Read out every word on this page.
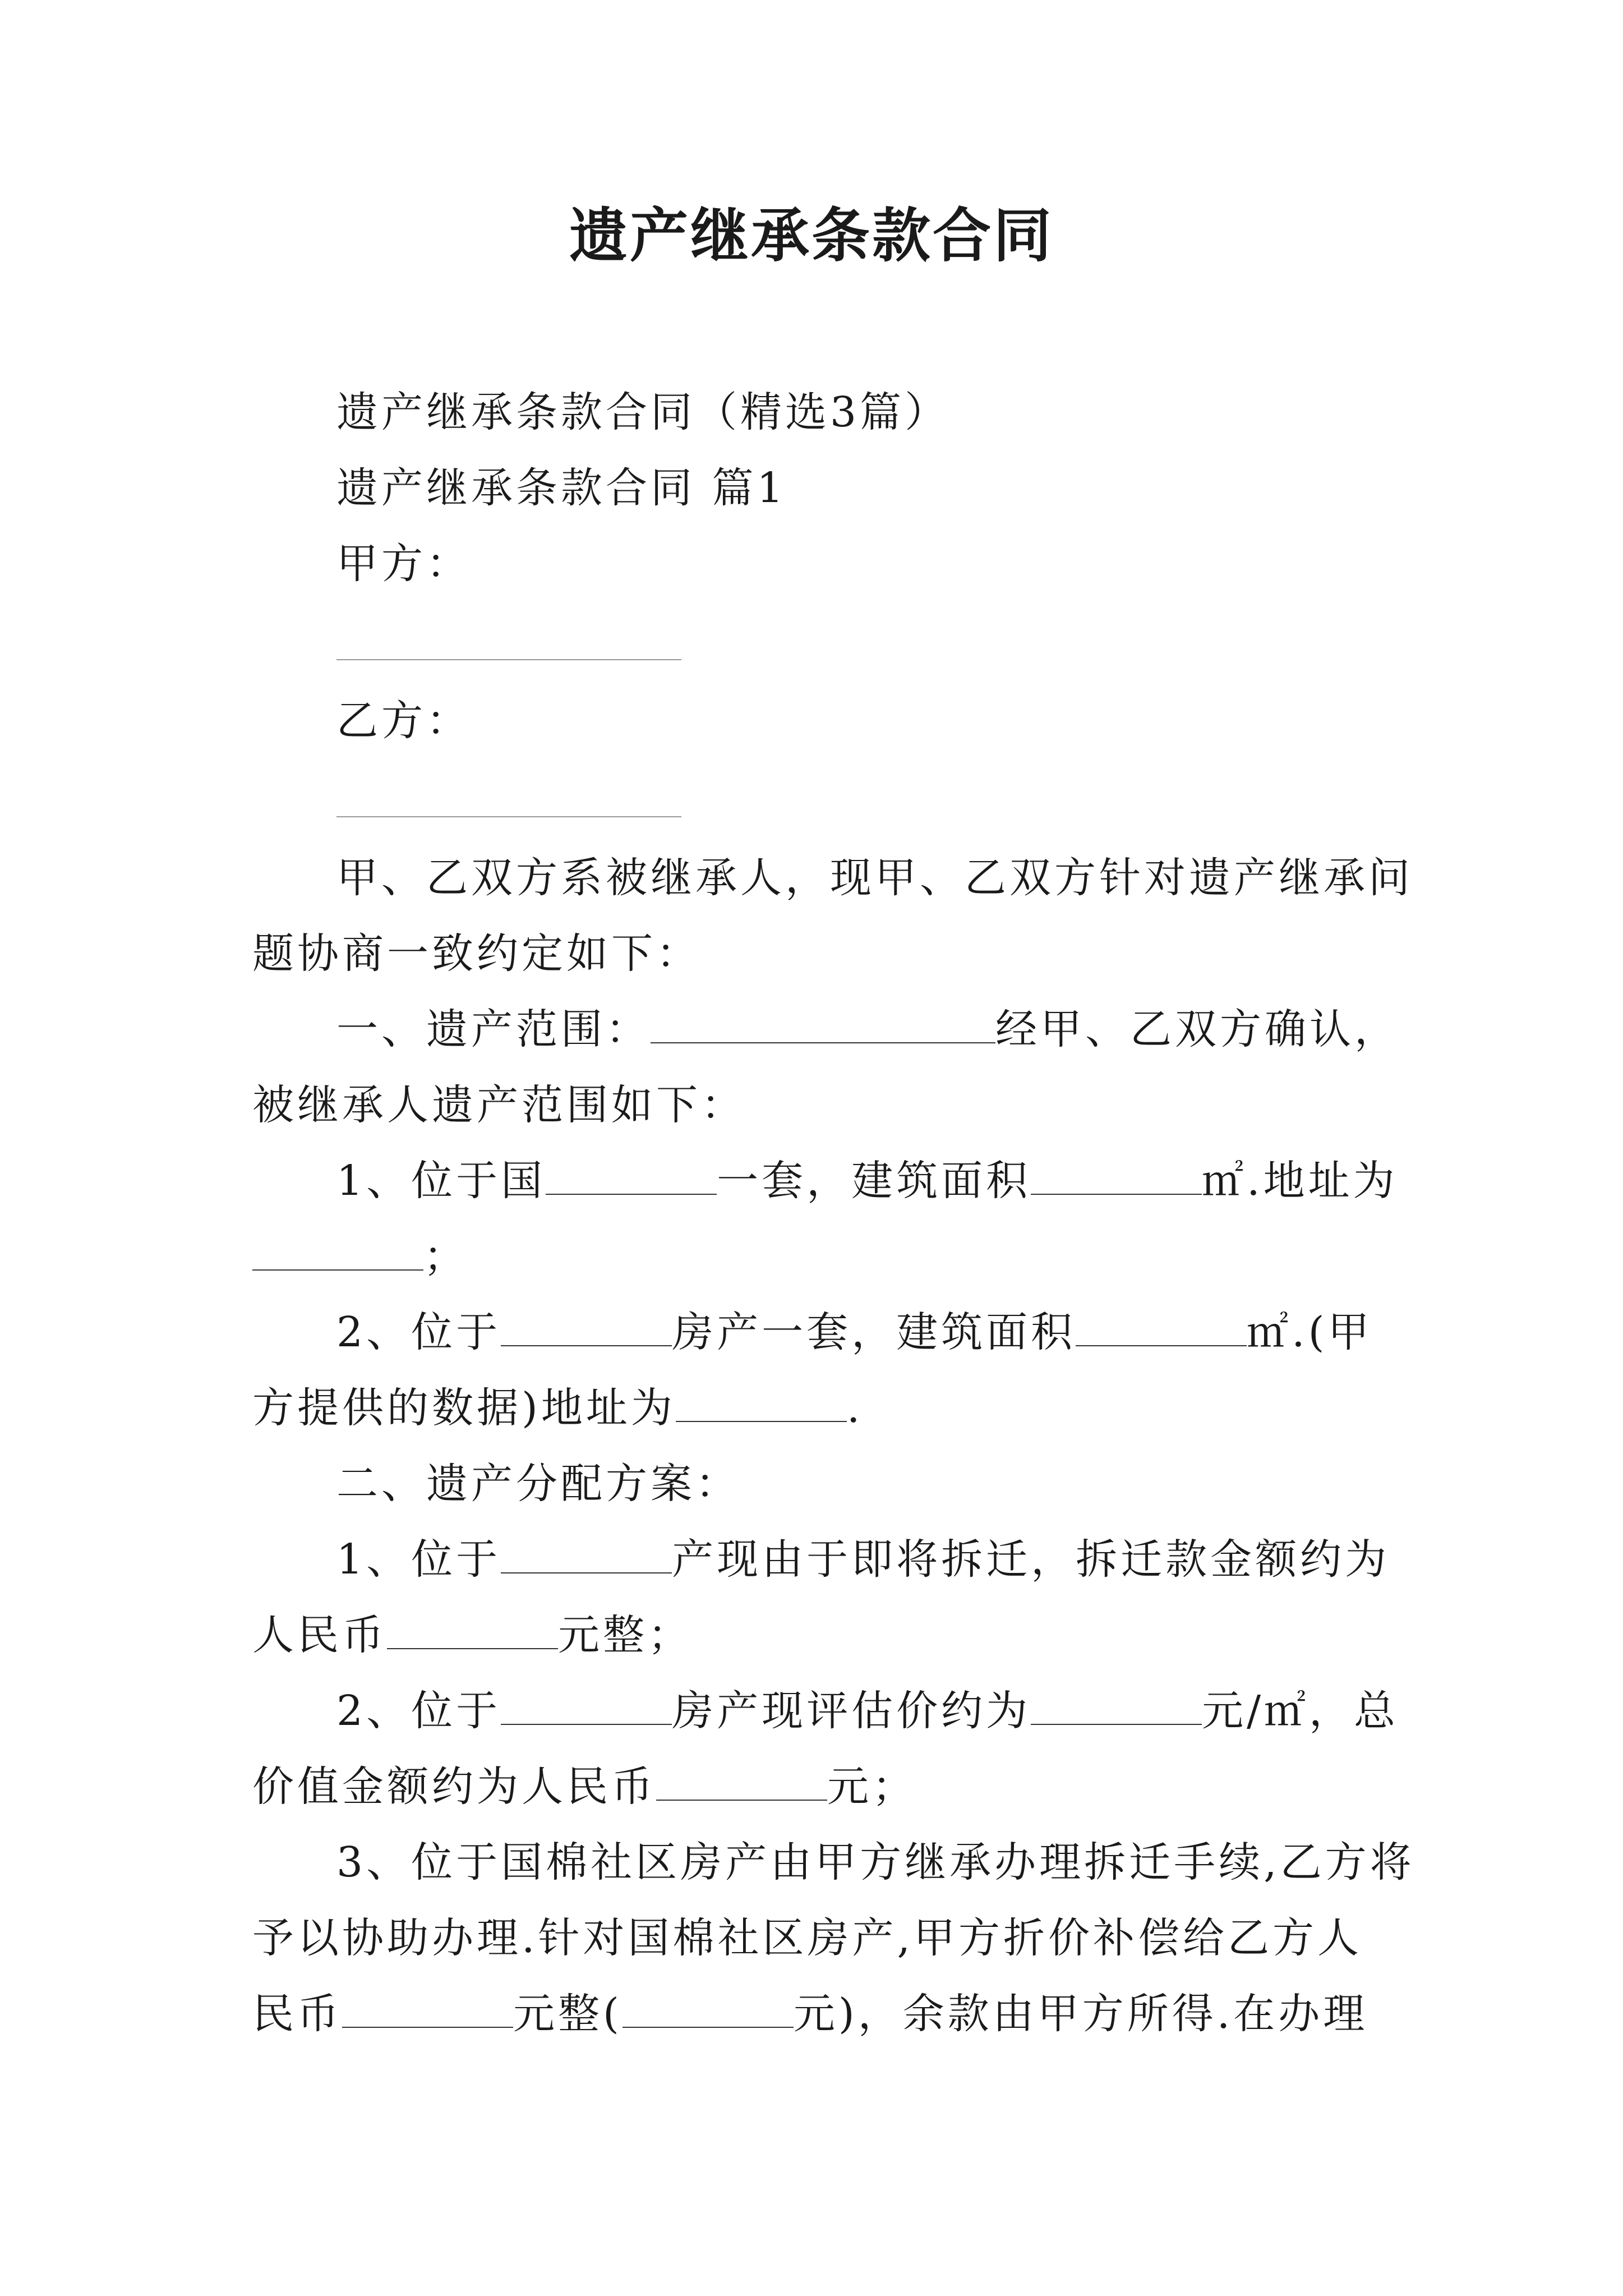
遗产继承条款合同
遗产继承条款合同（精选3篇）
遗产继承条款合同 篇1
甲方：
乙方：
甲、乙双方系被继承人，现甲、乙双方针对遗产继承问
题协商一致约定如下：
一、遗产范围：	经甲、乙双方确认，
被继承人遗产范围如下：
1、位于国	一套，建筑面积	㎡.地址为
；
2、位于	房产一套，建筑面积	㎡.(甲
方提供的数据)地址为	.
二、遗产分配方案：
1、位于	产现由于即将拆迁，拆迁款金额约为
人民币	元整；
2、位于	房产现评估价约为	元/㎡，总
价值金额约为人民币	元；
3、位于国棉社区房产由甲方继承办理拆迁手续,乙方将
予以协助办理.针对国棉社区房产,甲方折价补偿给乙方人
民币	元整(	元)，余款由甲方所得.在办理
